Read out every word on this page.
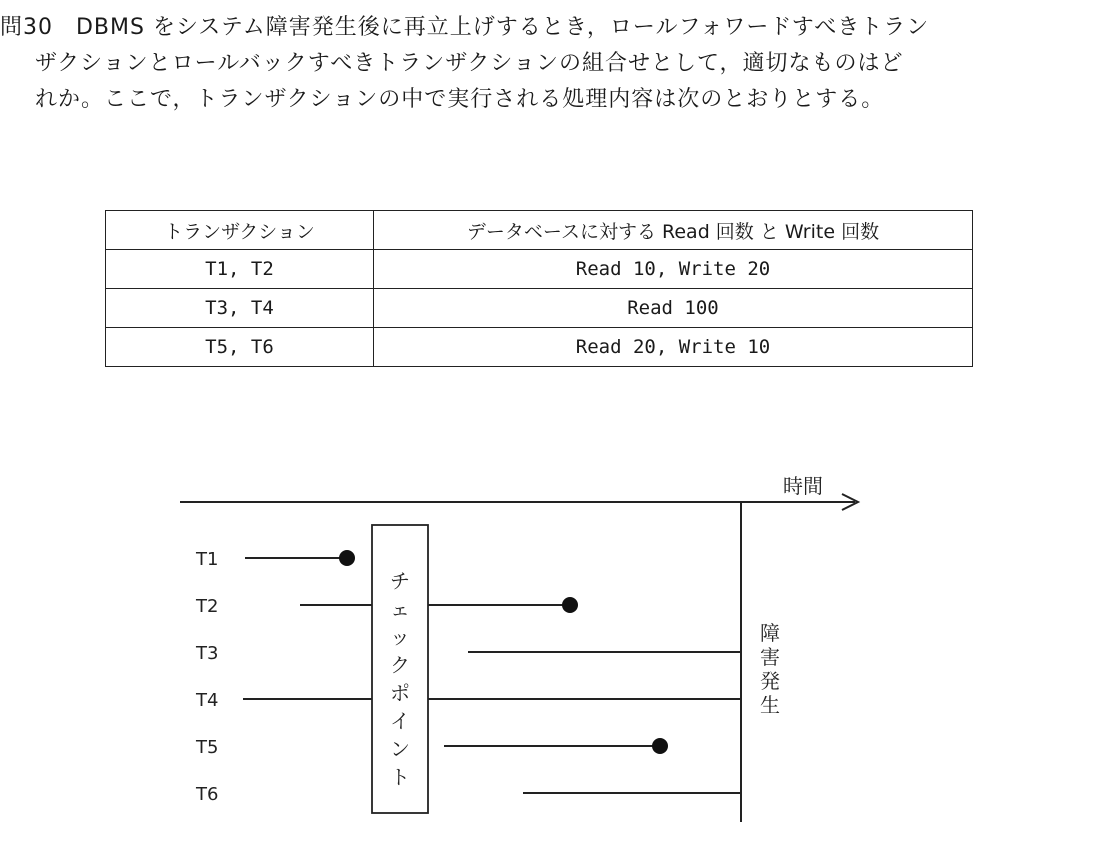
問30　DBMS をシステム障害発生後に再立上げするとき，ロールフォワードすべきトラン
ザクションとロールバックすべきトランザクションの組合せとして，適切なものはど
れか。ここで，トランザクションの中で実行される処理内容は次のとおりとする。
トランザクション	データベースに対する Read 回数 と Write 回数
T1, T2	Read 10, Write 20
T3, T4	Read 100
T5, T6	Read 20, Write 10
時間
障害発生
チェックポイント
T1
T2
T3
T4
T5
T6
